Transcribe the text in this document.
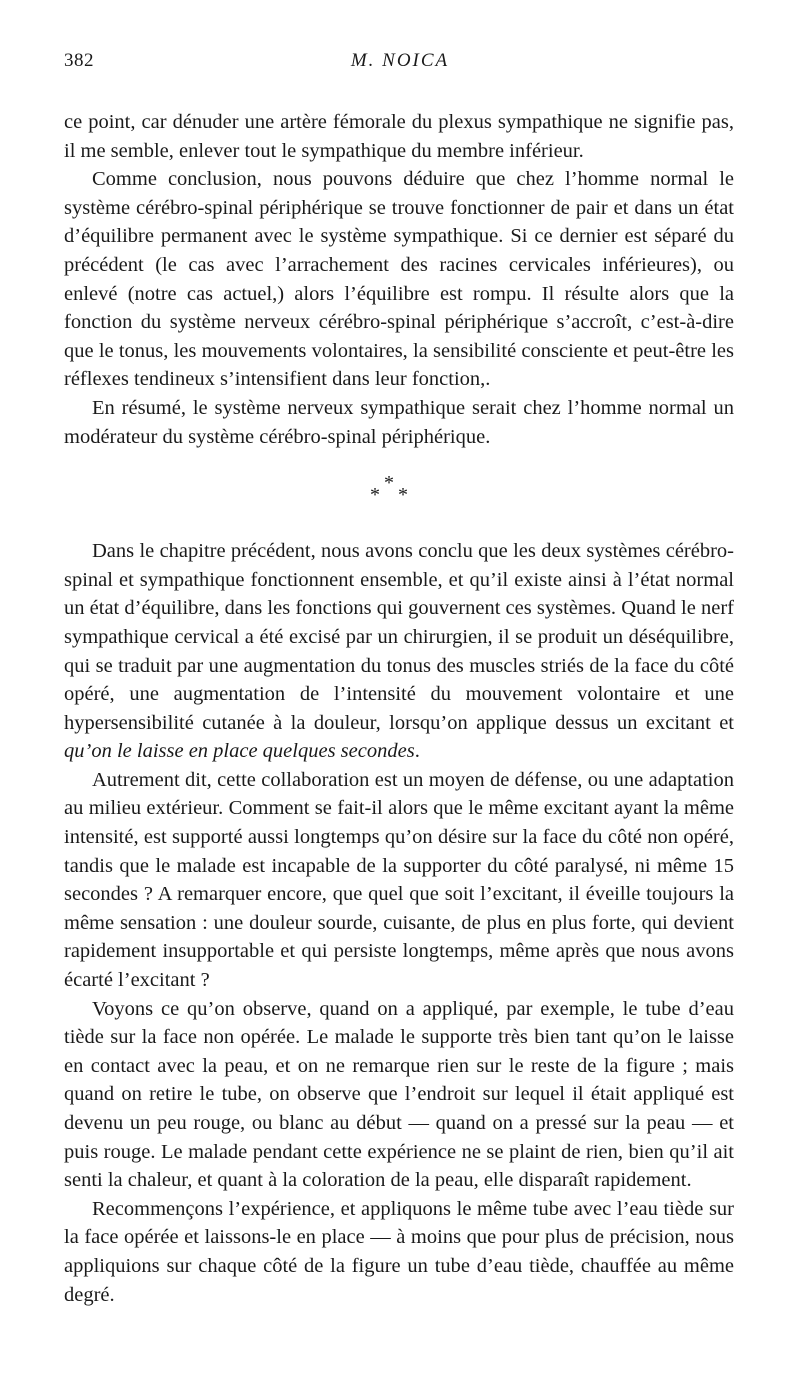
382	M. NOICA

ce point, car dénuder une artère fémorale du plexus sympathique ne signifie pas, il me semble, enlever tout le sympathique du membre inférieur.

Comme conclusion, nous pouvons déduire que chez l’homme normal le système cérébro-spinal périphérique se trouve fonctionner de pair et dans un état d’équilibre permanent avec le système sympathique. Si ce dernier est séparé du précédent (le cas avec l’arrachement des racines cervicales inférieures), ou enlevé (notre cas actuel,) alors l’équilibre est rompu. Il résulte alors que la fonction du système nerveux cérébro-spinal périphérique s’accroît, c’est-à-dire que le tonus, les mouvements volontaires, la sensibilité consciente et peut-être les réflexes tendineux s’intensifient dans leur fonction,.

En résumé, le système nerveux sympathique serait chez l’homme normal un modérateur du système cérébro-spinal périphérique.

*
* *

Dans le chapitre précédent, nous avons conclu que les deux systèmes cérébro-spinal et sympathique fonctionnent ensemble, et qu’il existe ainsi à l’état normal un état d’équilibre, dans les fonctions qui gouvernent ces systèmes. Quand le nerf sympathique cervical a été excisé par un chirurgien, il se produit un déséquilibre, qui se traduit par une augmentation du tonus des muscles striés de la face du côté opéré, une augmentation de l’intensité du mouvement volontaire et une hypersensibilité cutanée à la douleur, lorsqu’on applique dessus un excitant et qu’on le laisse en place quelques secondes.

Autrement dit, cette collaboration est un moyen de défense, ou une adaptation au milieu extérieur. Comment se fait-il alors que le même excitant ayant la même intensité, est supporté aussi longtemps qu’on désire sur la face du côté non opéré, tandis que le malade est incapable de la supporter du côté paralysé, ni même 15 secondes ? A remarquer encore, que quel que soit l’excitant, il éveille toujours la même sensation : une douleur sourde, cuisante, de plus en plus forte, qui devient rapidement insupportable et qui persiste longtemps, même après que nous avons écarté l’excitant ?

Voyons ce qu’on observe, quand on a appliqué, par exemple, le tube d’eau tiède sur la face non opérée. Le malade le supporte très bien tant qu’on le laisse en contact avec la peau, et on ne remarque rien sur le reste de la figure ; mais quand on retire le tube, on observe que l’endroit sur lequel il était appliqué est devenu un peu rouge, ou blanc au début — quand on a pressé sur la peau — et puis rouge. Le malade pendant cette expérience ne se plaint de rien, bien qu’il ait senti la chaleur, et quant à la coloration de la peau, elle disparaît rapidement.

Recommençons l’expérience, et appliquons le même tube avec l’eau tiède sur la face opérée et laissons-le en place — à moins que pour plus de précision, nous appliquions sur chaque côté de la figure un tube d’eau tiède, chauffée au même degré.
